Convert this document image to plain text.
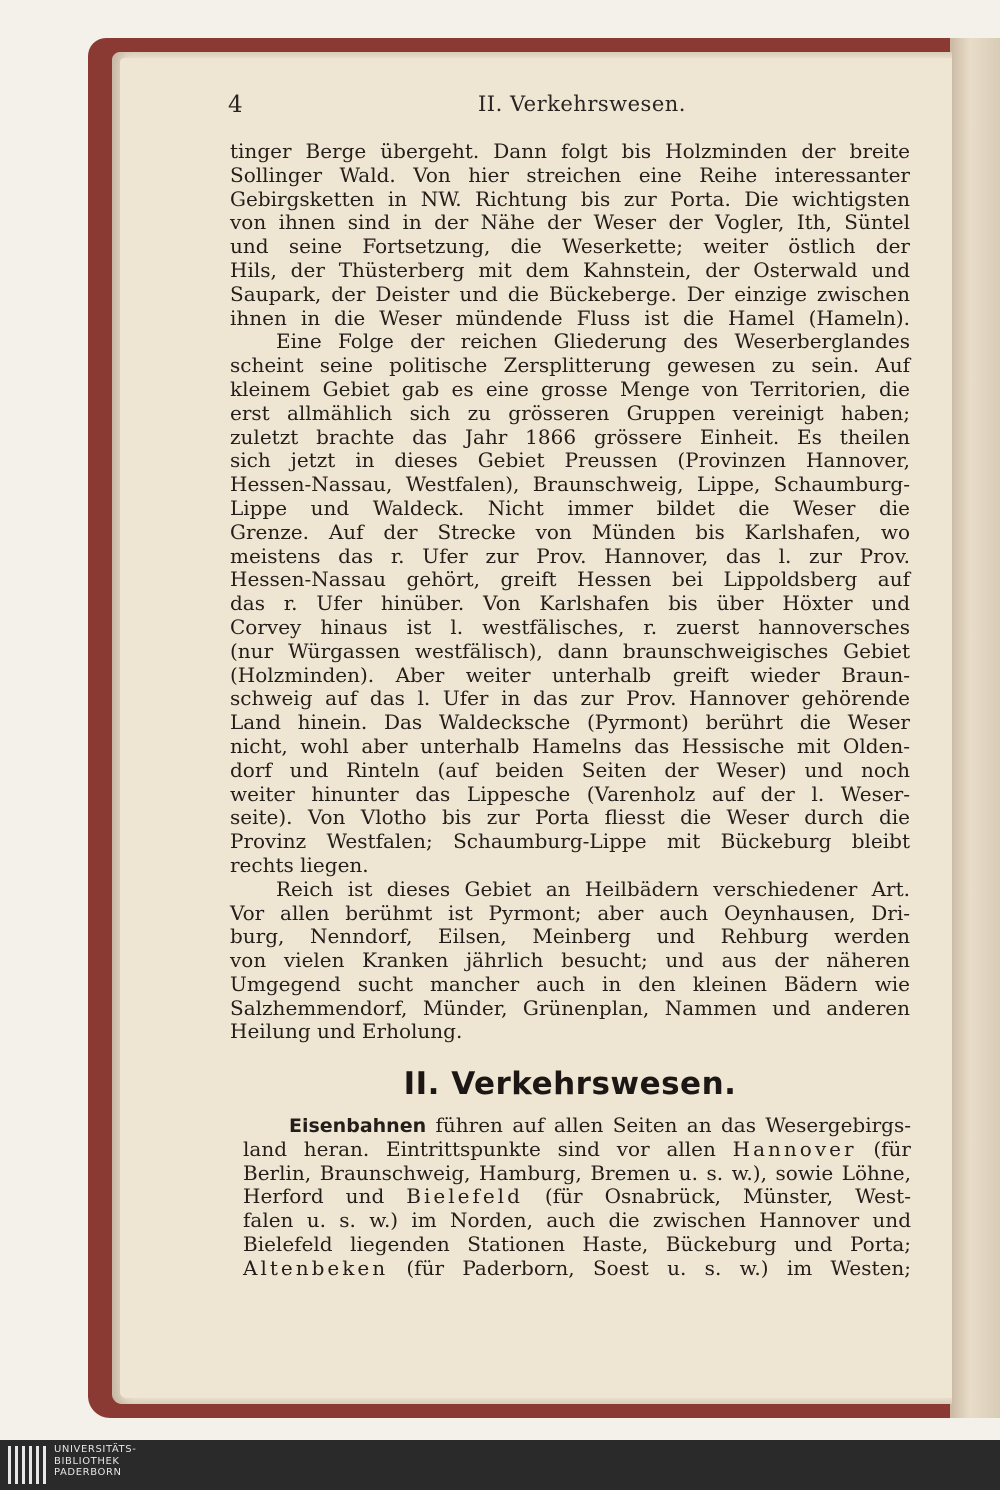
4	II. Verkehrswesen.
tinger Berge übergeht. Dann folgt bis Holzminden der breite
Sollinger Wald. Von hier streichen eine Reihe interessanter
Gebirgsketten in NW. Richtung bis zur Porta. Die wichtigsten
von ihnen sind in der Nähe der Weser der Vogler, Ith, Süntel
und seine Fortsetzung, die Weserkette; weiter östlich der
Hils, der Thüsterberg mit dem Kahnstein, der Osterwald und
Saupark, der Deister und die Bückeberge. Der einzige zwischen
ihnen in die Weser mündende Fluss ist die Hamel (Hameln).
Eine Folge der reichen Gliederung des Weserberglandes
scheint seine politische Zersplitterung gewesen zu sein. Auf
kleinem Gebiet gab es eine grosse Menge von Territorien, die
erst allmählich sich zu grösseren Gruppen vereinigt haben;
zuletzt brachte das Jahr 1866 grössere Einheit. Es theilen
sich jetzt in dieses Gebiet Preussen (Provinzen Hannover,
Hessen-Nassau, Westfalen), Braunschweig, Lippe, Schaumburg-
Lippe und Waldeck. Nicht immer bildet die Weser die
Grenze. Auf der Strecke von Münden bis Karlshafen, wo
meistens das r. Ufer zur Prov. Hannover, das l. zur Prov.
Hessen-Nassau gehört, greift Hessen bei Lippoldsberg auf
das r. Ufer hinüber. Von Karlshafen bis über Höxter und
Corvey hinaus ist l. westfälisches, r. zuerst hannoversches
(nur Würgassen westfälisch), dann braunschweigisches Gebiet
(Holzminden). Aber weiter unterhalb greift wieder Braun-
schweig auf das l. Ufer in das zur Prov. Hannover gehörende
Land hinein. Das Waldecksche (Pyrmont) berührt die Weser
nicht, wohl aber unterhalb Hamelns das Hessische mit Olden-
dorf und Rinteln (auf beiden Seiten der Weser) und noch
weiter hinunter das Lippesche (Varenholz auf der l. Weser-
seite). Von Vlotho bis zur Porta fliesst die Weser durch die
Provinz Westfalen; Schaumburg-Lippe mit Bückeburg bleibt
rechts liegen.
Reich ist dieses Gebiet an Heilbädern verschiedener Art.
Vor allen berühmt ist Pyrmont; aber auch Oeynhausen, Dri-
burg, Nenndorf, Eilsen, Meinberg und Rehburg werden
von vielen Kranken jährlich besucht; und aus der näheren
Umgegend sucht mancher auch in den kleinen Bädern wie
Salzhemmendorf, Münder, Grünenplan, Nammen und anderen
Heilung und Erholung.
II. Verkehrswesen.
Eisenbahnen führen auf allen Seiten an das Wesergebirgs-
land heran. Eintrittspunkte sind vor allen Hannover (für
Berlin, Braunschweig, Hamburg, Bremen u. s. w.), sowie Löhne,
Herford und Bielefeld (für Osnabrück, Münster, West-
falen u. s. w.) im Norden, auch die zwischen Hannover und
Bielefeld liegenden Stationen Haste, Bückeburg und Porta;
Altenbeken (für Paderborn, Soest u. s. w.) im Westen;
UNIVERSITÄTS-
BIBLIOTHEK
PADERBORN
